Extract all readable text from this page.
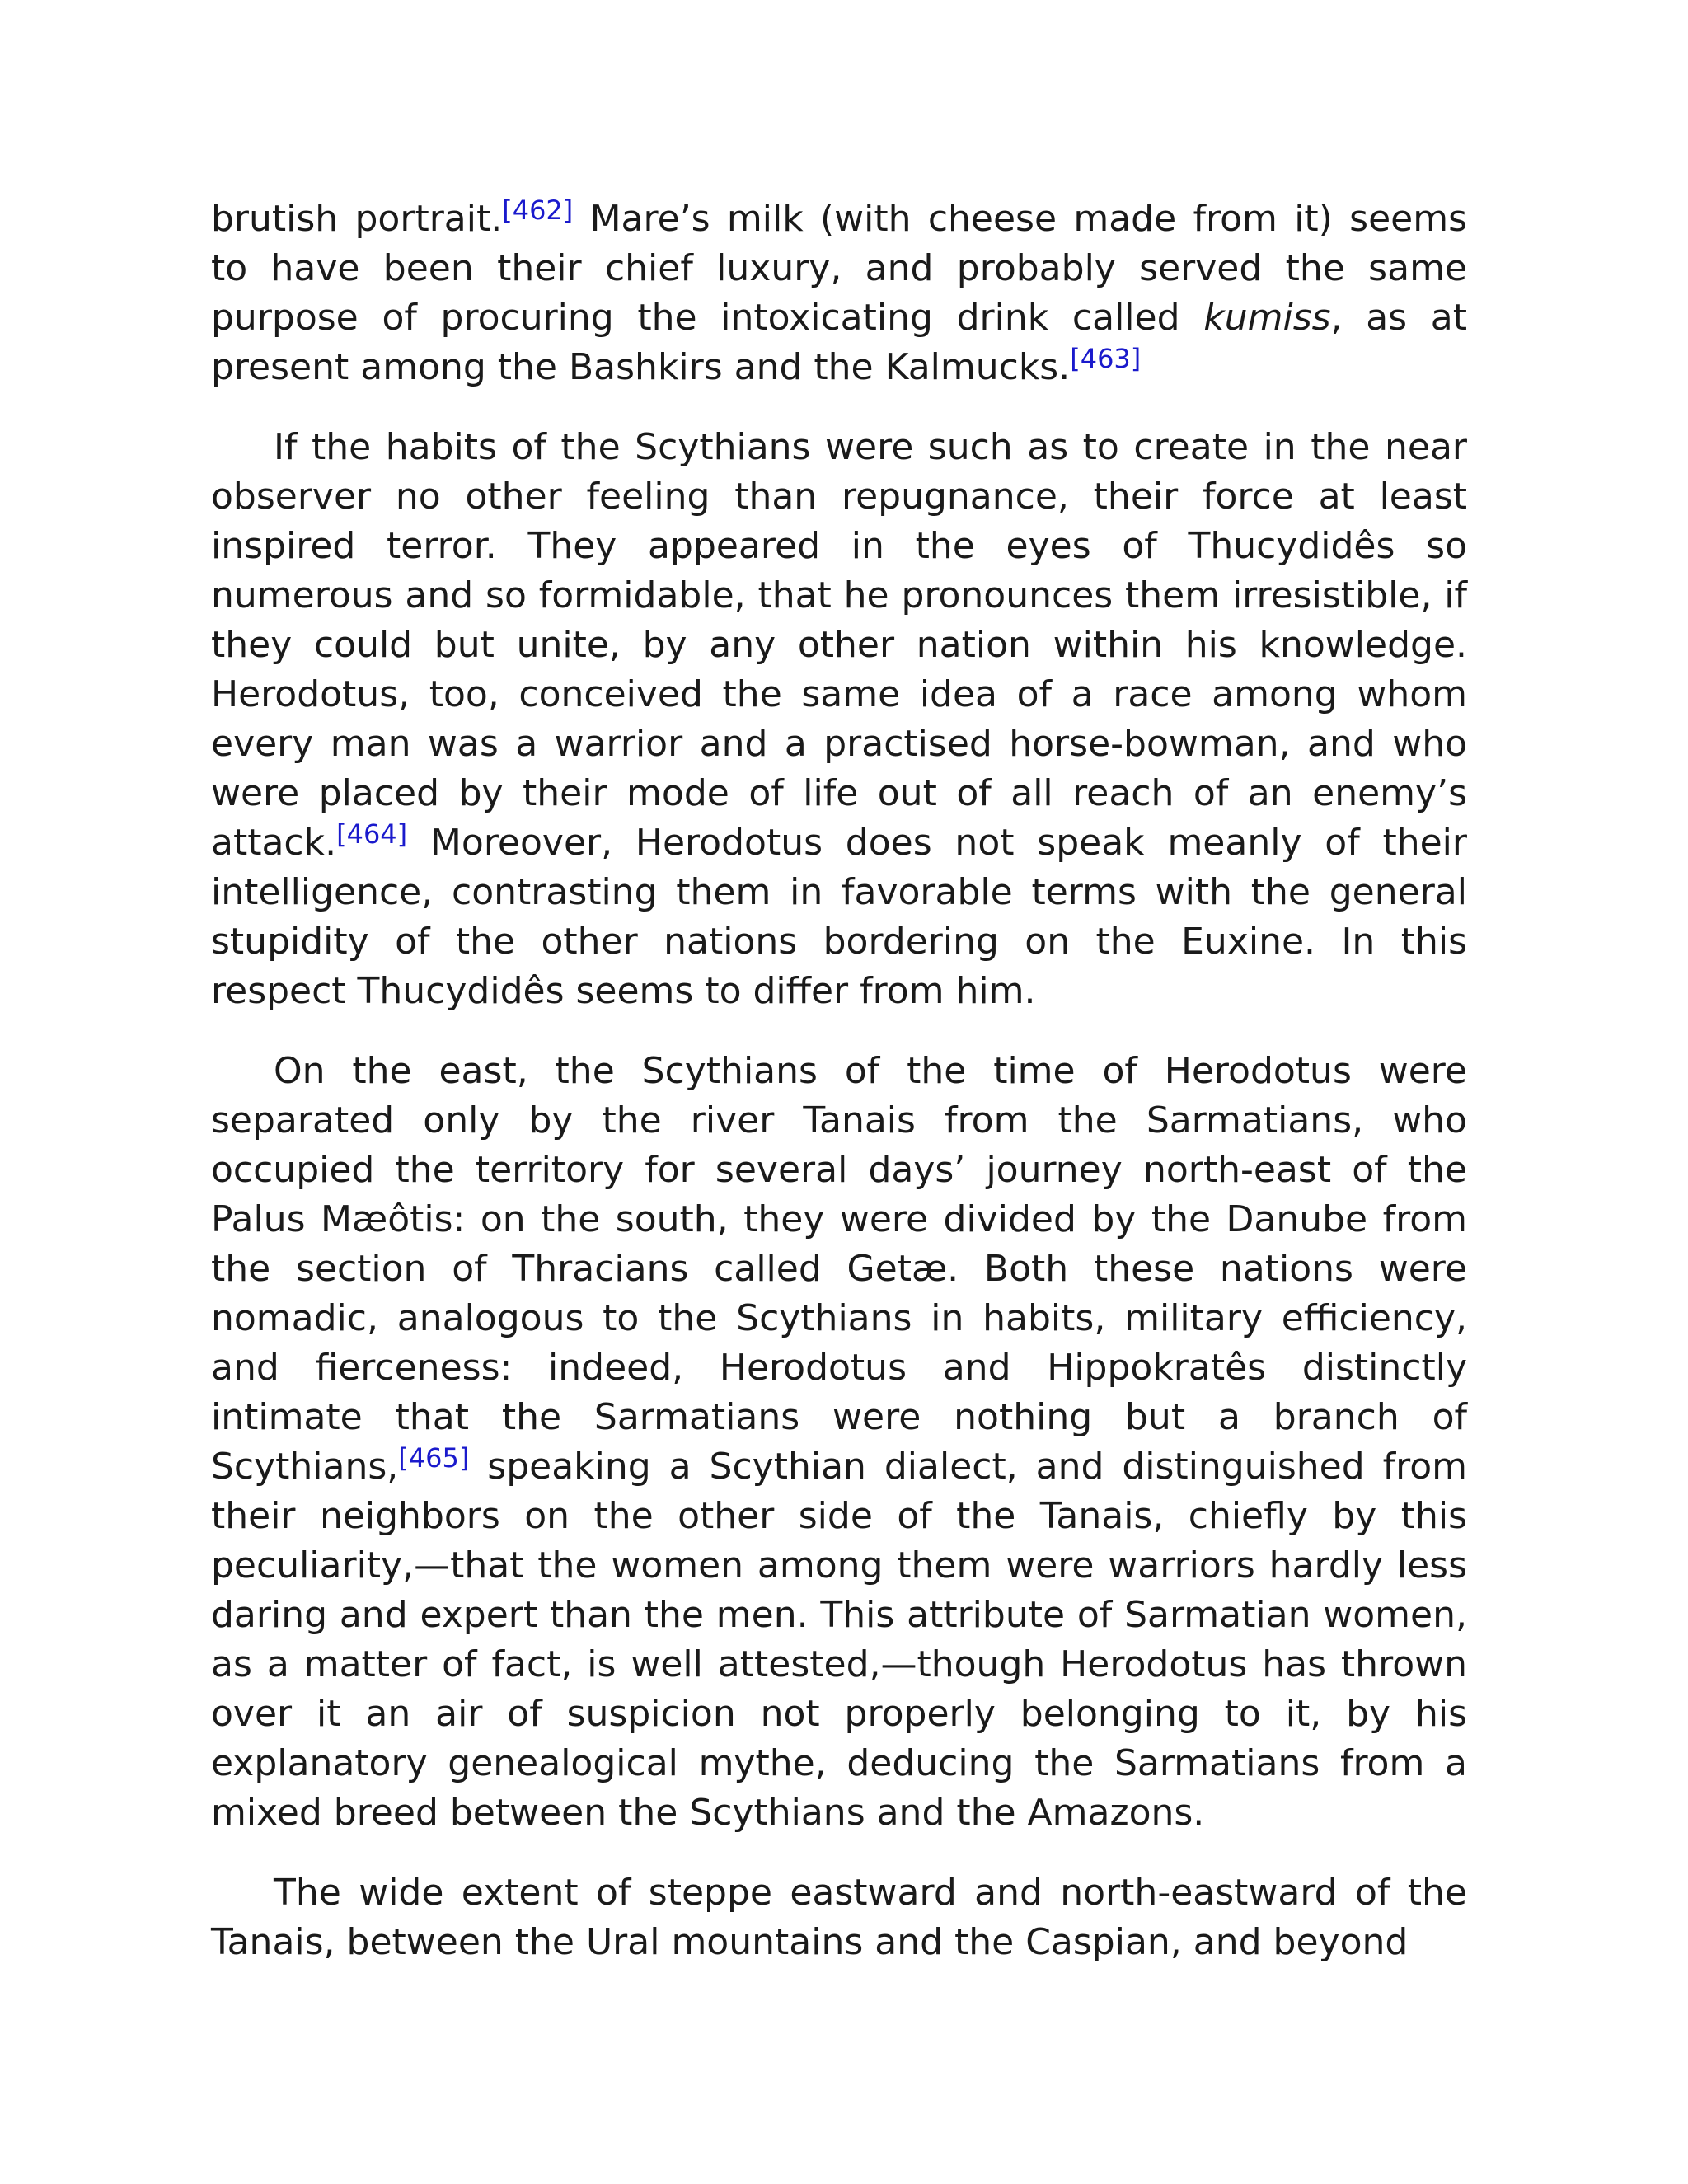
brutish portrait.[462] Mare’s milk (with cheese made from it) seems to have been their chief luxury, and probably served the same purpose of procuring the intoxicating drink called kumiss, as at present among the Bashkirs and the Kalmucks.[463]

If the habits of the Scythians were such as to create in the near observer no other feeling than repugnance, their force at least inspired terror. They appeared in the eyes of Thucydidês so numerous and so formidable, that he pronounces them irresistible, if they could but unite, by any other nation within his knowledge. Herodotus, too, conceived the same idea of a race among whom every man was a warrior and a practised horse-bowman, and who were placed by their mode of life out of all reach of an enemy’s attack.[464] Moreover, Herodotus does not speak meanly of their intelligence, contrasting them in favorable terms with the general stupidity of the other nations bordering on the Euxine. In this respect Thucydidês seems to differ from him.

On the east, the Scythians of the time of Herodotus were separated only by the river Tanais from the Sarmatians, who occupied the territory for several days’ journey north-east of the Palus Mæôtis: on the south, they were divided by the Danube from the section of Thracians called Getæ. Both these nations were nomadic, analogous to the Scythians in habits, military efficiency, and fierceness: indeed, Herodotus and Hippokratês distinctly intimate that the Sarmatians were nothing but a branch of Scythians,[465] speaking a Scythian dialect, and distinguished from their neighbors on the other side of the Tanais, chiefly by this peculiarity,—that the women among them were warriors hardly less daring and expert than the men. This attribute of Sarmatian women, as a matter of fact, is well attested,—though Herodotus has thrown over it an air of suspicion not properly belonging to it, by his explanatory genealogical mythe, deducing the Sarmatians from a mixed breed between the Scythians and the Amazons.

The wide extent of steppe eastward and north-eastward of the Tanais, between the Ural mountains and the Caspian, and beyond
